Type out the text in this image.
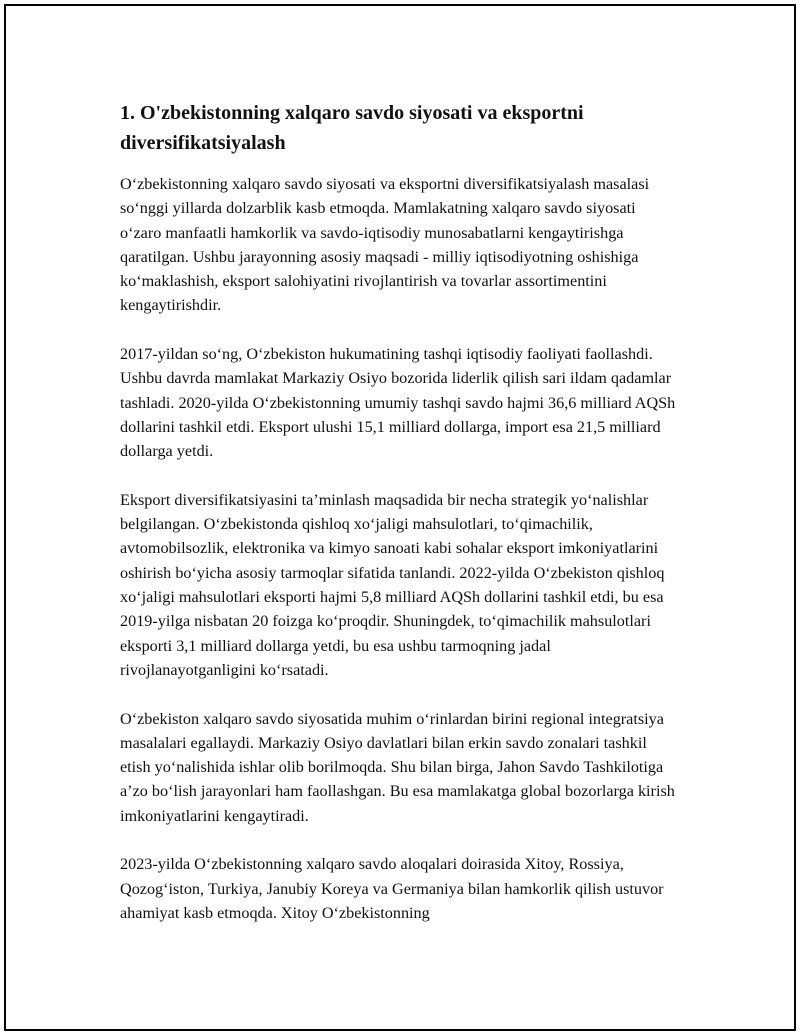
1. O'zbekistonning xalqaro savdo siyosati va eksportni diversifikatsiyalash

O‘zbekistonning xalqaro savdo siyosati va eksportni diversifikatsiyalash masalasi so‘nggi yillarda dolzarblik kasb etmoqda. Mamlakatning xalqaro savdo siyosati o‘zaro manfaatli hamkorlik va savdo-iqtisodiy munosabatlarni kengaytirishga qaratilgan. Ushbu jarayonning asosiy maqsadi - milliy iqtisodiyotning oshishiga ko‘maklashish, eksport salohiyatini rivojlantirish va tovarlar assortimentini kengaytirishdir.

2017-yildan so‘ng, O‘zbekiston hukumatining tashqi iqtisodiy faoliyati faollashdi. Ushbu davrda mamlakat Markaziy Osiyo bozorida liderlik qilish sari ildam qadamlar tashladi. 2020-yilda O‘zbekistonning umumiy tashqi savdo hajmi 36,6 milliard AQSh dollarini tashkil etdi. Eksport ulushi 15,1 milliard dollarga, import esa 21,5 milliard dollarga yetdi.

Eksport diversifikatsiyasini ta’minlash maqsadida bir necha strategik yo‘nalishlar belgilangan. O‘zbekistonda qishloq xo‘jaligi mahsulotlari, to‘qimachilik, avtomobilsozlik, elektronika va kimyo sanoati kabi sohalar eksport imkoniyatlarini oshirish bo‘yicha asosiy tarmoqlar sifatida tanlandi. 2022-yilda O‘zbekiston qishloq xo‘jaligi mahsulotlari eksporti hajmi 5,8 milliard AQSh dollarini tashkil etdi, bu esa 2019-yilga nisbatan 20 foizga ko‘proqdir. Shuningdek, to‘qimachilik mahsulotlari eksporti 3,1 milliard dollarga yetdi, bu esa ushbu tarmoqning jadal rivojlanayotganligini ko‘rsatadi.

O‘zbekiston xalqaro savdo siyosatida muhim o‘rinlardan birini regional integratsiya masalalari egallaydi. Markaziy Osiyo davlatlari bilan erkin savdo zonalari tashkil etish yo‘nalishida ishlar olib borilmoqda. Shu bilan birga, Jahon Savdo Tashkilotiga a’zo bo‘lish jarayonlari ham faollashgan. Bu esa mamlakatga global bozorlarga kirish imkoniyatlarini kengaytiradi.

2023-yilda O‘zbekistonning xalqaro savdo aloqalari doirasida Xitoy, Rossiya, Qozog‘iston, Turkiya, Janubiy Koreya va Germaniya bilan hamkorlik qilish ustuvor ahamiyat kasb etmoqda. Xitoy O‘zbekistonning
